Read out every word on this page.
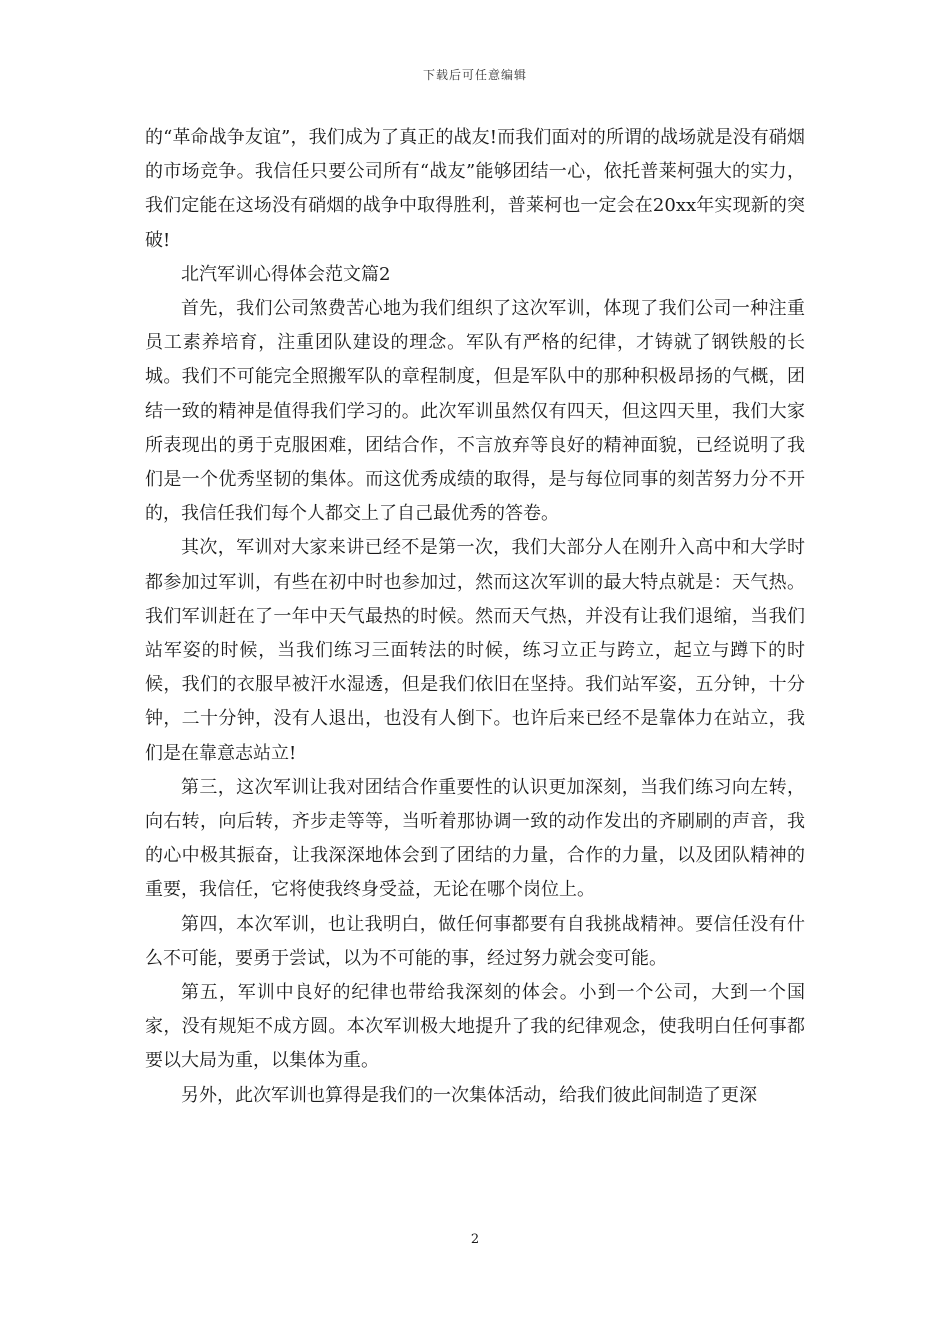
下载后可任意编辑

的“革命战争友谊”，我们成为了真正的战友!而我们面对的所谓的战场就是没有硝烟的市场竞争。我信任只要公司所有“战友”能够团结一心，依托普莱柯强大的实力，我们定能在这场没有硝烟的战争中取得胜利，普莱柯也一定会在20xx年实现新的突破!

北汽军训心得体会范文篇2

首先，我们公司煞费苦心地为我们组织了这次军训，体现了我们公司一种注重员工素养培育，注重团队建设的理念。军队有严格的纪律，才铸就了钢铁般的长城。我们不可能完全照搬军队的章程制度，但是军队中的那种积极昂扬的气概，团结一致的精神是值得我们学习的。此次军训虽然仅有四天，但这四天里，我们大家所表现出的勇于克服困难，团结合作，不言放弃等良好的精神面貌，已经说明了我们是一个优秀坚韧的集体。而这优秀成绩的取得，是与每位同事的刻苦努力分不开的，我信任我们每个人都交上了自己最优秀的答卷。

其次，军训对大家来讲已经不是第一次，我们大部分人在刚升入高中和大学时都参加过军训，有些在初中时也参加过，然而这次军训的最大特点就是：天气热。我们军训赶在了一年中天气最热的时候。然而天气热，并没有让我们退缩，当我们站军姿的时候，当我们练习三面转法的时候，练习立正与跨立，起立与蹲下的时候，我们的衣服早被汗水湿透，但是我们依旧在坚持。我们站军姿，五分钟，十分钟，二十分钟，没有人退出，也没有人倒下。也许后来已经不是靠体力在站立，我们是在靠意志站立!

第三，这次军训让我对团结合作重要性的认识更加深刻，当我们练习向左转，向右转，向后转，齐步走等等，当听着那协调一致的动作发出的齐刷刷的声音，我的心中极其振奋，让我深深地体会到了团结的力量，合作的力量，以及团队精神的重要，我信任，它将使我终身受益，无论在哪个岗位上。

第四，本次军训，也让我明白，做任何事都要有自我挑战精神。要信任没有什么不可能，要勇于尝试，以为不可能的事，经过努力就会变可能。

第五，军训中良好的纪律也带给我深刻的体会。小到一个公司，大到一个国家，没有规矩不成方圆。本次军训极大地提升了我的纪律观念，使我明白任何事都要以大局为重，以集体为重。

另外，此次军训也算得是我们的一次集体活动，给我们彼此间制造了更深

2
